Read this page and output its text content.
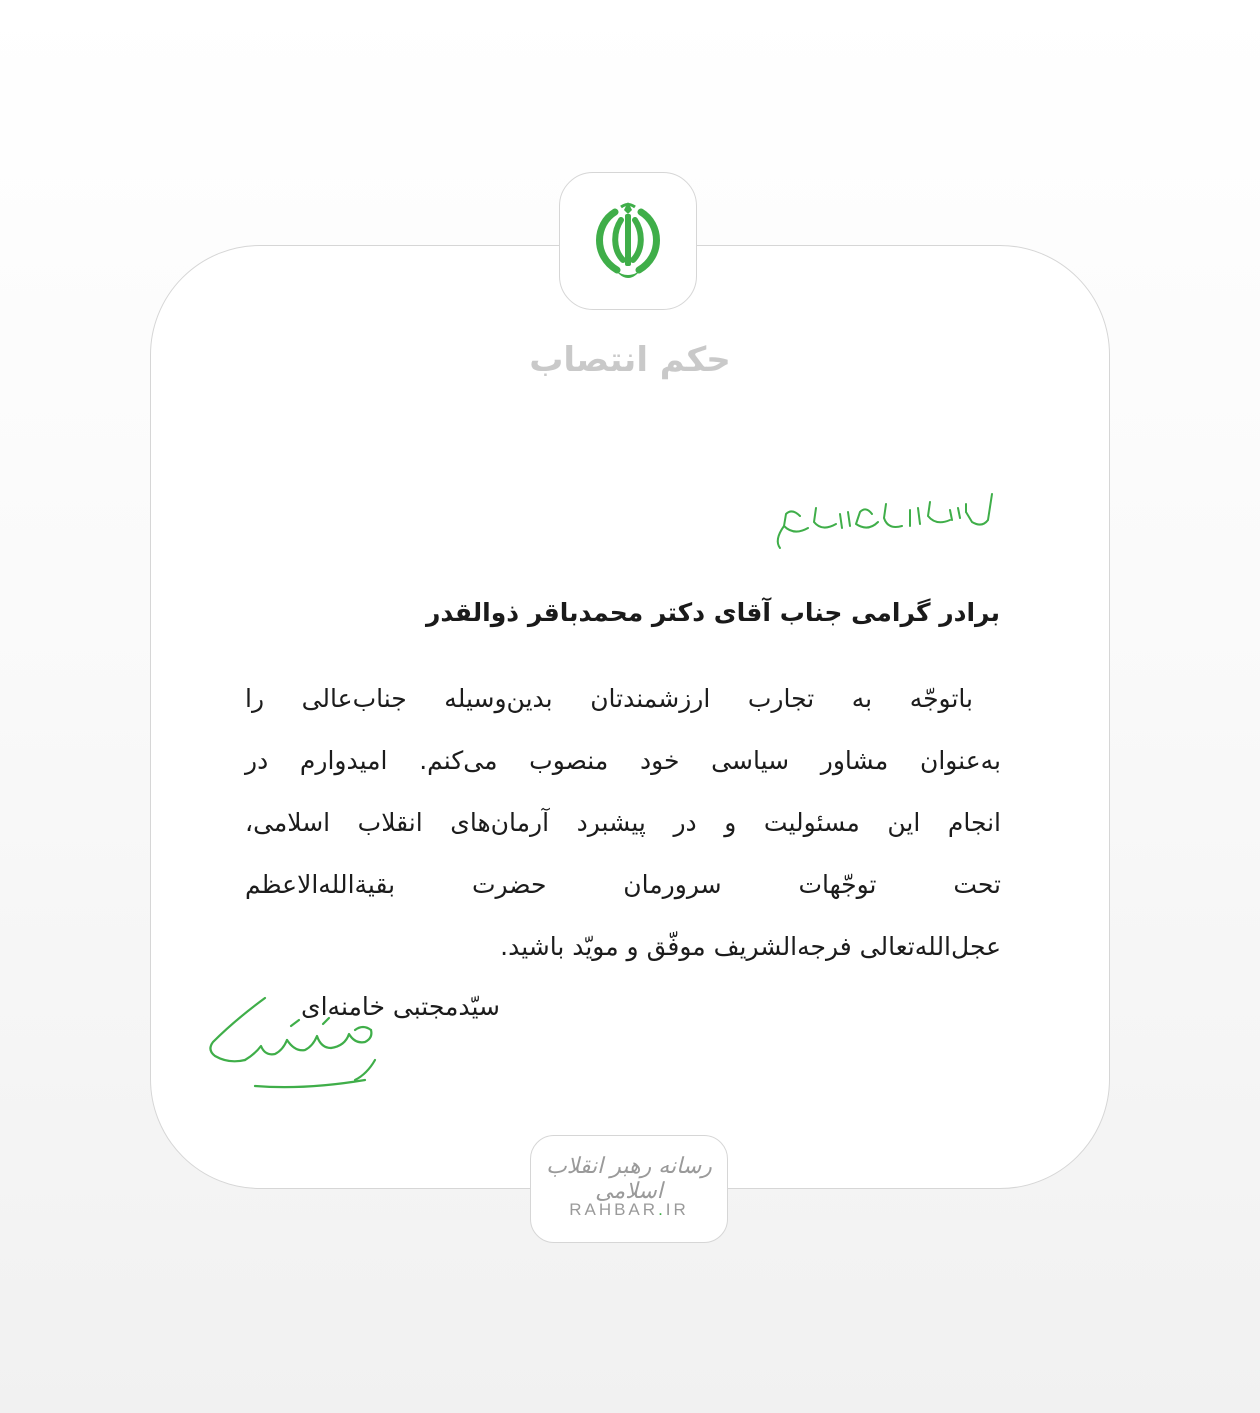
حکم انتصاب
برادر گرامی جناب آقای دکتر محمدباقر ذوالقدر
باتوجّه به تجارب ارزشمندتان بدین‌وسیله جناب‌عالی را
به‌عنوان مشاور سیاسی خود منصوب می‌کنم. امیدوارم در
انجام این مسئولیت و در پیشبرد آرمان‌های انقلاب اسلامی،
تحت توجّهات سرورمان حضرت بقیة‌الله‌الاعظم
عجل‌الله‌تعالی فرجه‌الشریف موفّق و مویّد باشید.
سیّدمجتبی خامنه‌ای
رسانه رهبر انقلاب اسلامی
RAHBAR.IR
